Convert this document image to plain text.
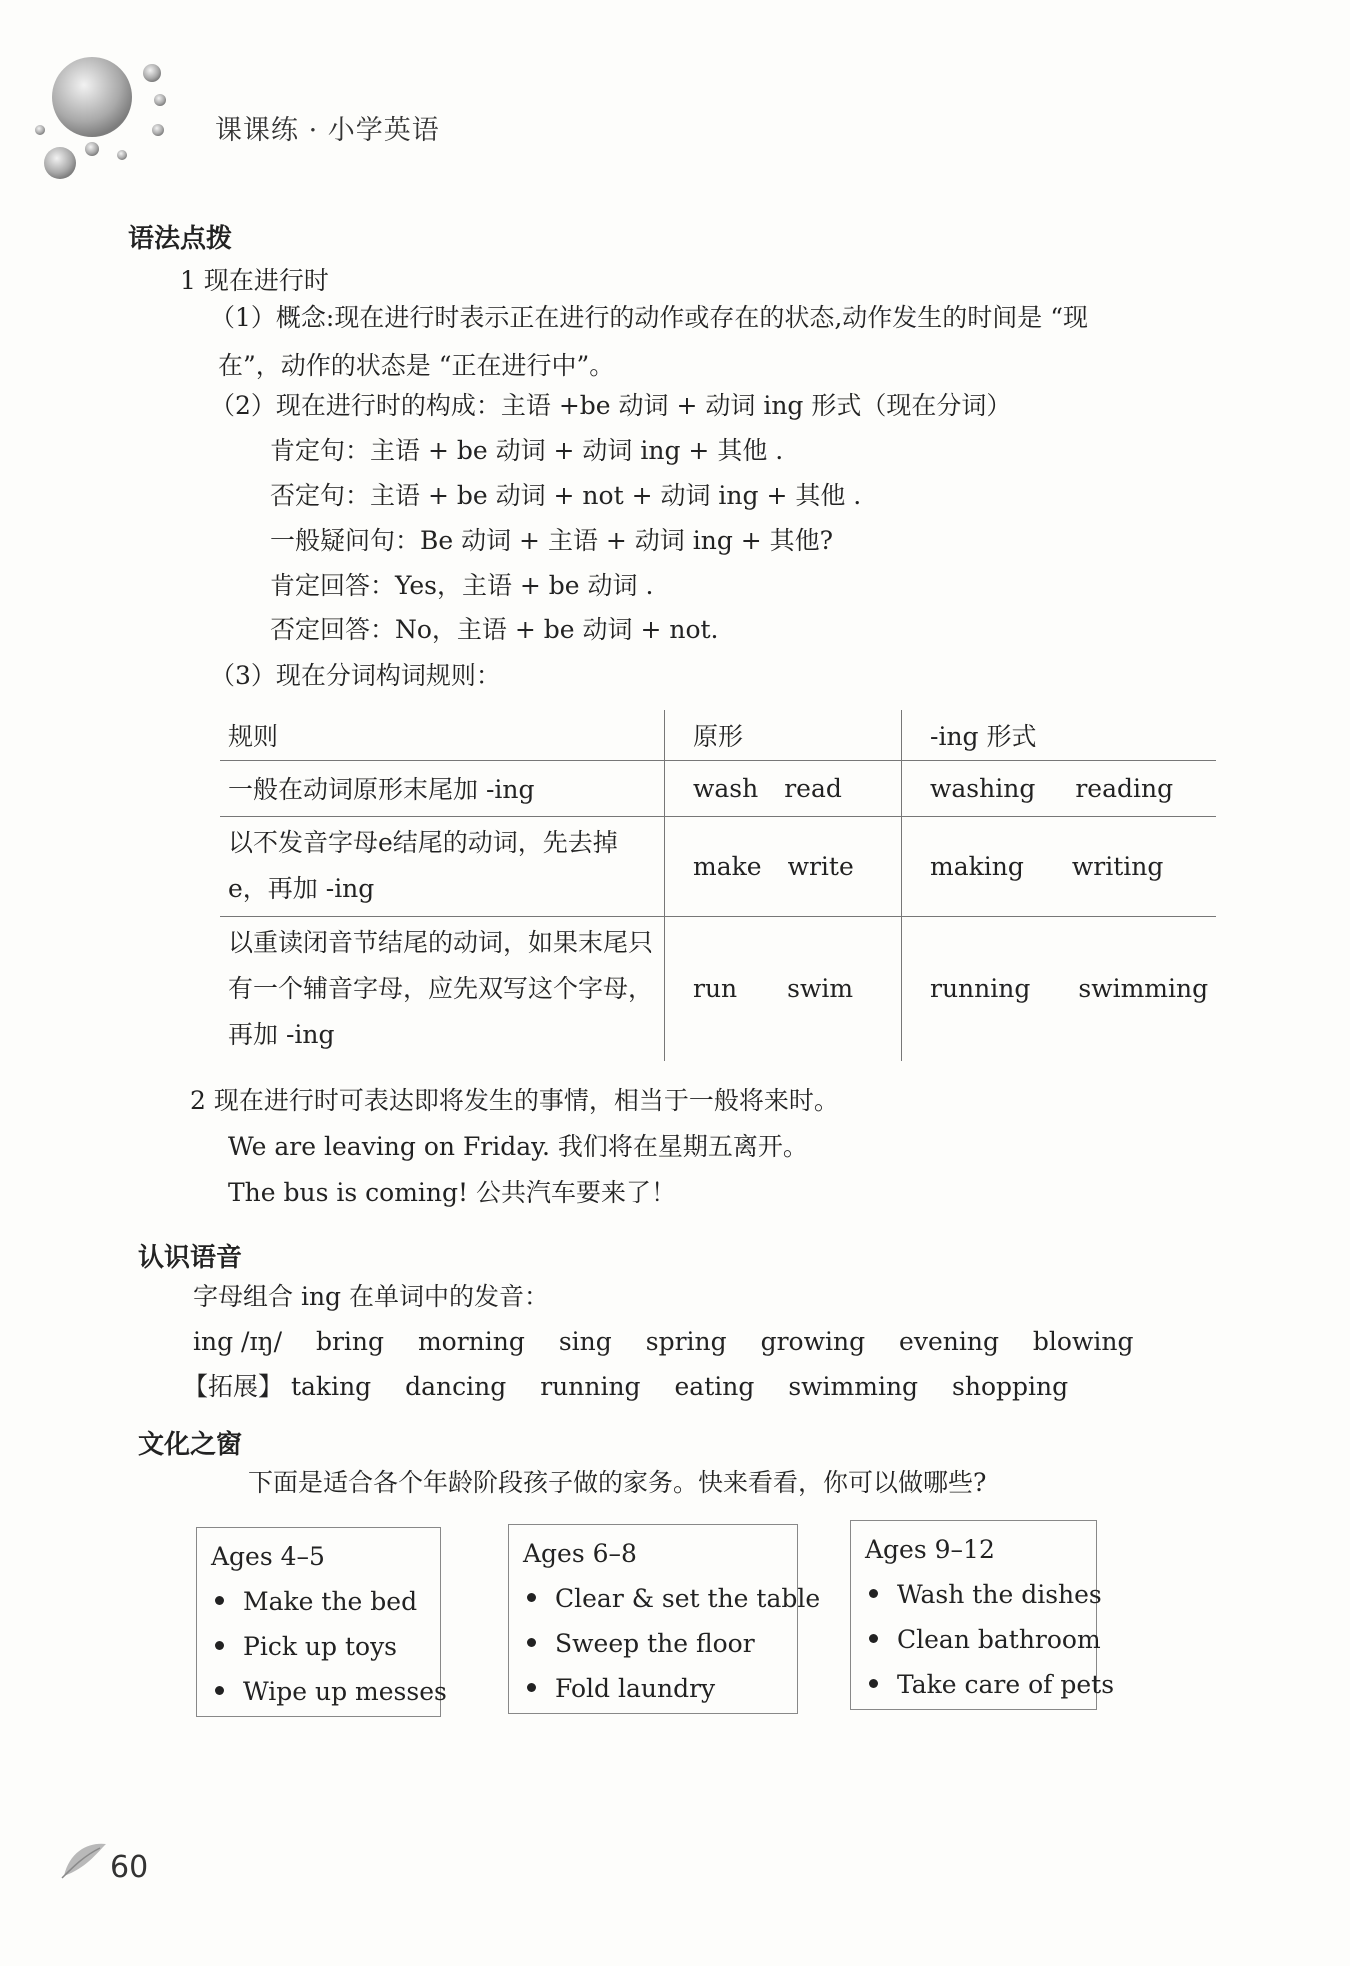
课课练 · 小学英语
语法点拨
1 现在进行时
（1）概念:现在进行时表示正在进行的动作或存在的状态,动作发生的时间是 “现
在”，动作的状态是 “正在进行中”。
（2）现在进行时的构成：主语 +be 动词 + 动词 ing 形式（现在分词）
肯定句：主语 + be 动词 + 动词 ing + 其他 .
否定句：主语 + be 动词 + not + 动词 ing + 其他 .
一般疑问句：Be 动词 + 主语 + 动词 ing + 其他?
肯定回答：Yes，主语 + be 动词 .
否定回答：No，主语 + be 动词 + not.
（3）现在分词构词规则：
规则	原形	-ing 形式
一般在动词原形末尾加 -ing	wash read	washing reading
以不发音字母e结尾的动词，先去掉e，再加 -ing	make write	making writing
以重读闭音节结尾的动词，如果末尾只有一个辅音字母，应先双写这个字母，再加 -ing	run swim	running swimming
2 现在进行时可表达即将发生的事情，相当于一般将来时。
We are leaving on Friday. 我们将在星期五离开。
The bus is coming! 公共汽车要来了！
认识语音
字母组合 ing 在单词中的发音：
ing /ɪŋ/ bring morning sing spring growing evening blowing
【拓展】 taking dancing running eating swimming shopping
文化之窗
下面是适合各个年龄阶段孩子做的家务。快来看看，你可以做哪些?
Ages 4–5
Make the bed
Pick up toys
Wipe up messes
Ages 6–8
Clear & set the table
Sweep the floor
Fold laundry
Ages 9–12
Wash the dishes
Clean bathroom
Take care of pets
60
